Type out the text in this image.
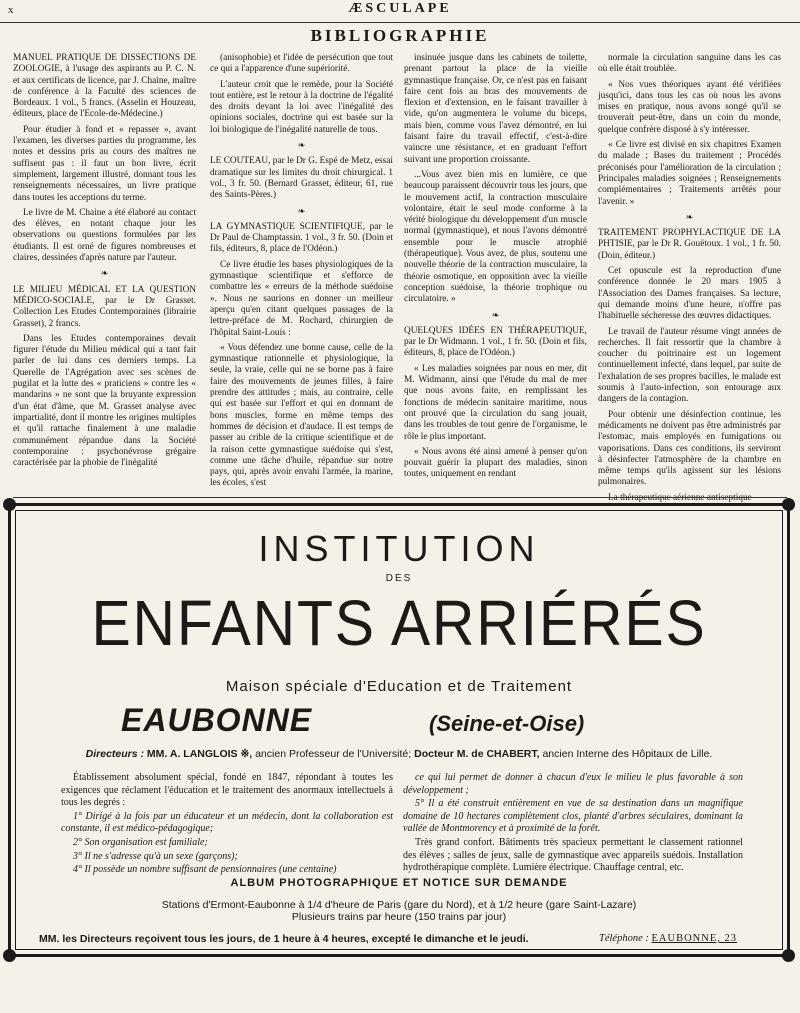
x	ÆSCULAPE
BIBLIOGRAPHIE

MANUEL PRATIQUE DE DISSECTIONS DE ZOOLOGIE, à l'usage des aspirants au P. C. N. et aux certificats de licence, par J. Chaine, maître de conférence à la Faculté des sciences de Bordeaux. 1 vol., 5 francs. (Asselin et Houzeau, éditeurs, place de l'Ecole-de-Médecine.)

Pour étudier à fond et « repasser », avant l'examen, les diverses parties du programme, les notes et dessins pris au cours des maîtres ne suffisent pas : il faut un bon livre, écrit simplement, largement illustré, donnant tous les renseignements nécessaires, un livre pratique dans toutes les acceptions du terme.

Le livre de M. Chaine a été élaboré au contact des élèves, en notant chaque jour les observations ou questions formulées par les étudiants. Il est orné de figures nombreuses et claires, dessinées d'après nature par l'auteur.

❧

LE MILIEU MÉDICAL ET LA QUESTION MÉDICO-SOCIALE, par le Dr Grasset. Collection Les Etudes Contemporaines (librairie Grasset), 2 francs.

Dans les Etudes contemporaines devait figurer l'étude du Milieu médical qui a tant fait parler de lui dans ces derniers temps. La Querelle de l'Agrégation avec ses scènes de pugilat et la lutte des « praticiens » contre les « mandarins » ne sont que la bruyante expression d'un état d'âme, que M. Grasset analyse avec impartialité, dont il montre les origines multiples et qu'il rattache finalement à une maladie communément répandue dans la Société contemporaine : psychonévrose grégaire caractérisée par la phobie de l'inégalité

(anisophobie) et l'idée de persécution que tout ce qui a l'apparence d'une supériorité.

L'auteur croit que le remède, pour la Société tout entière, est le retour à la doctrine de l'égalité des droits devant la loi avec l'inégalité des opinions sociales, doctrine qui est basée sur la loi biologique de l'inégalité naturelle de tous.

❧

LE COUTEAU, par le Dr G. Espé de Metz, essai dramatique sur les limites du droit chirurgical. 1 vol., 3 fr. 50. (Bernard Grasset, éditeur, 61, rue des Saints-Pères.)

❧

LA GYMNASTIQUE SCIENTIFIQUE, par le Dr Paul de Champtassin. 1 vol., 3 fr. 50. (Doin et fils, éditeurs, 8, place de l'Odéon.)

Ce livre étudie les bases physiologiques de la gymnastique scientifique et s'efforce de combattre les « erreurs de la méthode suédoise ». Nous ne saurions en donner un meilleur aperçu qu'en citant quelques passages de la lettre-préface de M. Rochard, chirurgien de l'hôpital Saint-Louis :

« Vous défendez une bonne cause, celle de la gymnastique rationnelle et physiologique, la seule, la vraie, celle qui ne se borne pas à faire faire des mouvements de jeunes filles, à faire prendre des attitudes ; mais, au contraire, celle qui est basée sur l'effort et qui en donnant de bons muscles, forme en même temps des hommes de décision et d'audace. Il est temps de passer au crible de la critique scientifique et de la raison cette gymnastique suédoise qui s'est, comme une tâche d'huile, répandue sur notre pays, qui, après avoir envahi l'armée, la marine, les écoles, s'est

insinuée jusque dans les cabinets de toilette, prenant partout la place de la vieille gymnastique française. Or, ce n'est pas en faisant faire cent fois au bras des mouvements de flexion et d'extension, en le faisant travailler à vide, qu'on augmentera le volume du biceps, mais bien, comme vous l'avez démontré, en lui faisant faire du travail effectif, c'est-à-dire vaincre une résistance, et en graduant l'effort suivant une proportion croissante.

...Vous avez bien mis en lumière, ce que beaucoup paraissent découvrir tous les jours, que le mouvement actif, la contraction musculaire volontaire, était le seul mode conforme à la vérité biologique du développement d'un muscle normal (gymnastique), et nous l'avons démontré ensemble pour le muscle atrophié (thérapeutique). Vous avez, de plus, soutenu une nouvelle théorie de la contraction musculaire, la théorie osmotique, en opposition avec la vieille conception suédoise, la théorie trophique ou circulatoire. »

❧

QUELQUES IDÉES EN THÉRAPEUTIQUE, par le Dr Widmann. 1 vol., 1 fr. 50. (Doin et fils, éditeurs, 8, place de l'Odéon.)

« Les maladies soignées par nous en mer, dit M. Widmann, ainsi que l'étude du mal de mer que nous avons faite, en remplissant les fonctions de médecin sanitaire maritime, nous ont prouvé que la circulation du sang jouait, dans les troubles de tout genre de l'organisme, le rôle le plus important.

« Nous avons été ainsi amené à penser qu'on pouvait guérir la plupart des maladies, sinon toutes, uniquement en rendant

normale la circulation sanguine dans les cas où elle était troublée.

« Nos vues théoriques ayant été vérifiées jusqu'ici, dans tous les cas où nous les avons mises en pratique, nous avons songé qu'il se trouverait peut-être, dans un coin du monde, quelque confrère disposé à s'y intéresser.

« Ce livre est divisé en six chapitres Examen du malade ; Bases du traitement ; Procédés préconisés pour l'amélioration de la circulation ; Principales maladies soignées ; Renseignements complémentaires ; Traitements arrêtés pour l'avenir. »

❧

TRAITEMENT PROPHYLACTIQUE DE LA PHTISIE, par le Dr R. Gouëtoux. 1 vol., 1 fr. 50. (Doin, éditeur.)

Cet opuscule est la reproduction d'une conférence donnée le 20 mars 1905 à l'Association des Dames françaises. Sa lecture, qui demande moins d'une heure, n'offre pas l'habituelle sécheresse des œuvres didactiques.

Le travail de l'auteur résume vingt années de recherches. Il fait ressortir que la chambre à coucher du poitrinaire est un logement continuellement infecté, dans lequel, par suite de l'exhalation de ses propres bacilles, le malade est soumis à l'auto-infection, son entourage aux dangers de la contagion.

Pour obtenir une désinfection continue, les médicaments ne doivent pas être administrés par l'estomac, mais employés en fumigations ou vaporisations. Dans ces conditions, ils serviront à désinfecter l'atmosphère de la chambre en même temps qu'ils agissent sur les lésions pulmonaires.

INSTITUTION
DES
ENFANTS ARRIÉRÉS
Maison spéciale d'Education et de Traitement
EAUBONNE	(Seine-et-Oise)
Directeurs : MM. A. LANGLOIS ※, ancien Professeur de l'Université; Docteur M. de CHABERT, ancien Interne des Hôpitaux de Lille.

Établissement absolument spécial, fondé en 1847, répondant à toutes les exigences que réclament l'éducation et le traitement des anormaux intellectuels à tous les degrés :

1° Dirigé à la fois par un éducateur et un médecin, dont la collaboration est constante, il est médico-pédagogique;

2° Son organisation est familiale;

3° Il ne s'adresse qu'à un sexe (garçons);

4° Il possède un nombre suffisant de pensionnaires (une centaine)

ce qui lui permet de donner à chacun d'eux le milieu le plus favorable à son développement ;

5° Il a été construit entièrement en vue de sa destination dans un magnifique domaine de 10 hectares complètement clos, planté d'arbres séculaires, dominant la vallée de Montmorency et à proximité de la forêt.

Très grand confort. Bâtiments très spacieux permettant le classement rationnel des élèves ; salles de jeux, salle de gymnastique avec appareils suédois. Installation hydrothérapique complète. Lumière électrique. Chauffage central, etc.

ALBUM PHOTOGRAPHIQUE ET NOTICE SUR DEMANDE
Stations d'Ermont-Eaubonne à 1/4 d'heure de Paris (gare du Nord), et à 1/2 heure (gare Saint-Lazare)
Plusieurs trains par heure (150 trains par jour)
MM. les Directeurs reçoivent tous les jours, de 1 heure à 4 heures, excepté le dimanche et le jeudi.	Téléphone : EAUBONNE, 23
